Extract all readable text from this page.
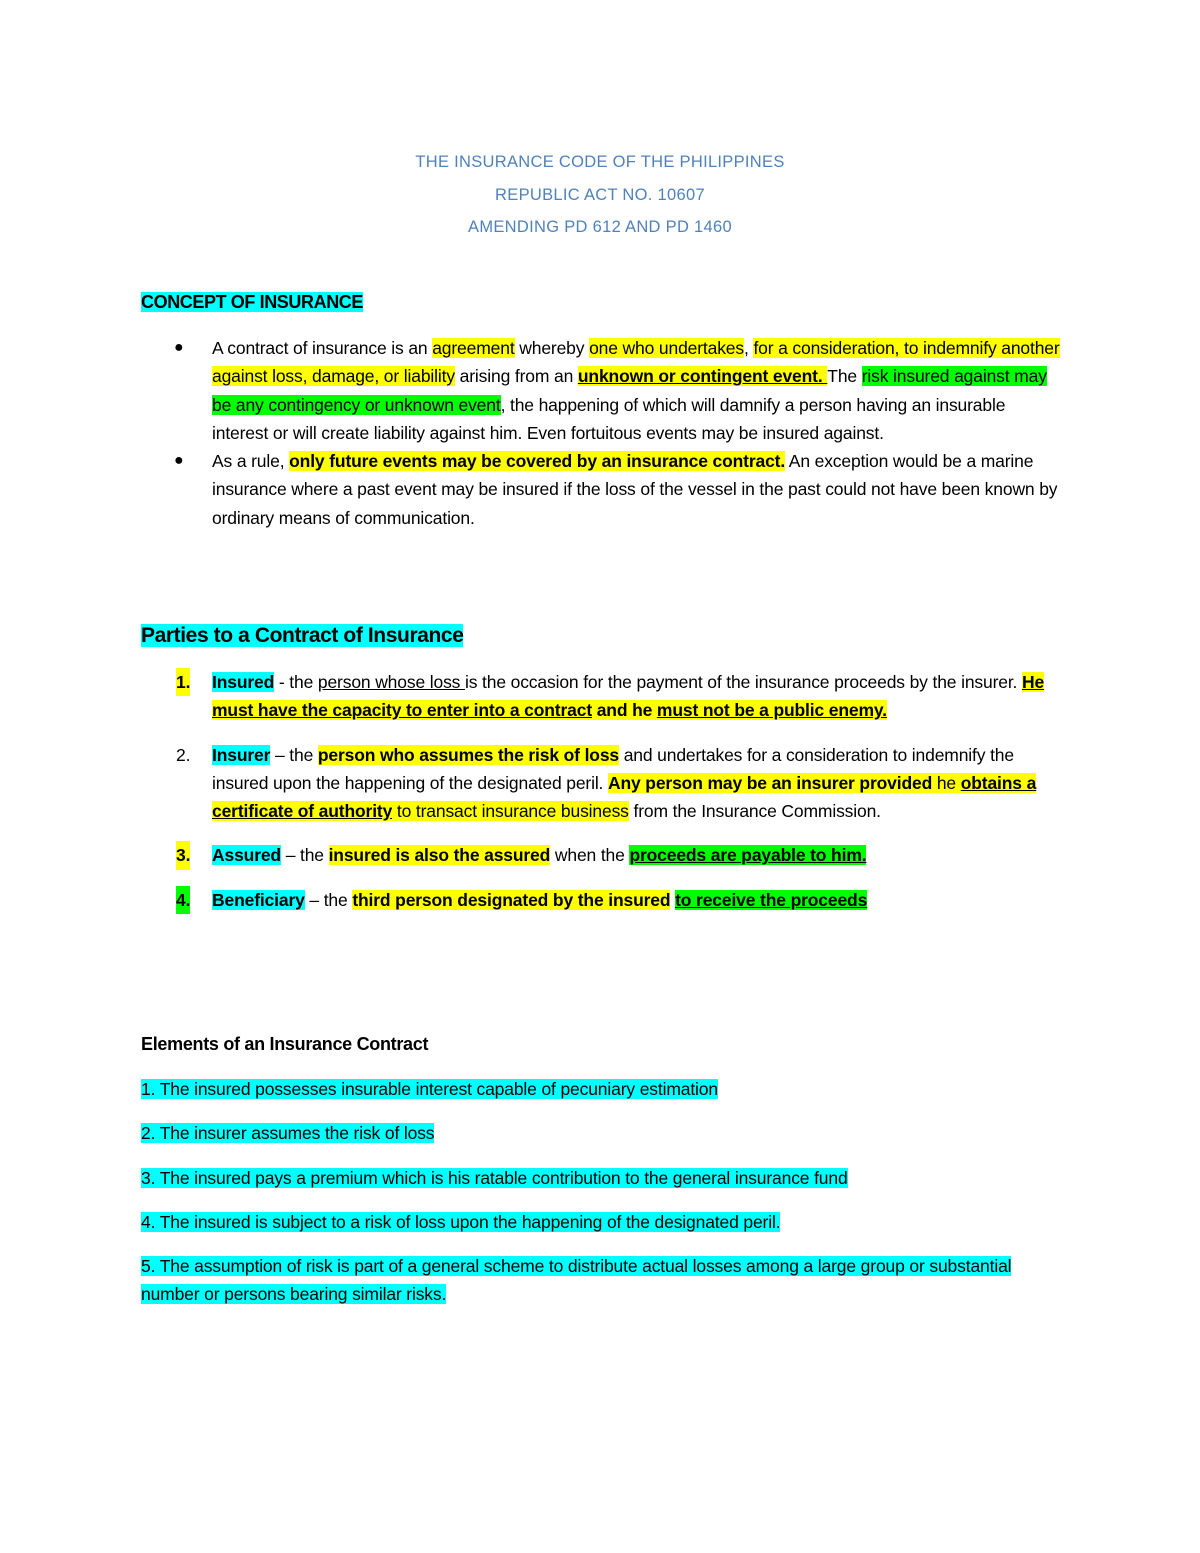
THE INSURANCE CODE OF THE PHILIPPINES
REPUBLIC ACT NO. 10607
AMENDING PD 612 AND PD 1460
CONCEPT OF INSURANCE
● A contract of insurance is an agreement whereby one who undertakes, for a consideration, to indemnify another against loss, damage, or liability arising from an unknown or contingent event. The risk insured against may be any contingency or unknown event, the happening of which will damnify a person having an insurable interest or will create liability against him. Even fortuitous events may be insured against.
● As a rule, only future events may be covered by an insurance contract. An exception would be a marine insurance where a past event may be insured if the loss of the vessel in the past could not have been known by ordinary means of communication.
Parties to a Contract of Insurance
1. Insured - the person whose loss is the occasion for the payment of the insurance proceeds by the insurer. He must have the capacity to enter into a contract and he must not be a public enemy.
2. Insurer – the person who assumes the risk of loss and undertakes for a consideration to indemnify the insured upon the happening of the designated peril. Any person may be an insurer provided he obtains a certificate of authority to transact insurance business from the Insurance Commission.
3. Assured – the insured is also the assured when the proceeds are payable to him.
4. Beneficiary – the third person designated by the insured to receive the proceeds
Elements of an Insurance Contract
1. The insured possesses insurable interest capable of pecuniary estimation
2. The insurer assumes the risk of loss
3. The insured pays a premium which is his ratable contribution to the general insurance fund
4. The insured is subject to a risk of loss upon the happening of the designated peril.
5. The assumption of risk is part of a general scheme to distribute actual losses among a large group or substantial number or persons bearing similar risks.
